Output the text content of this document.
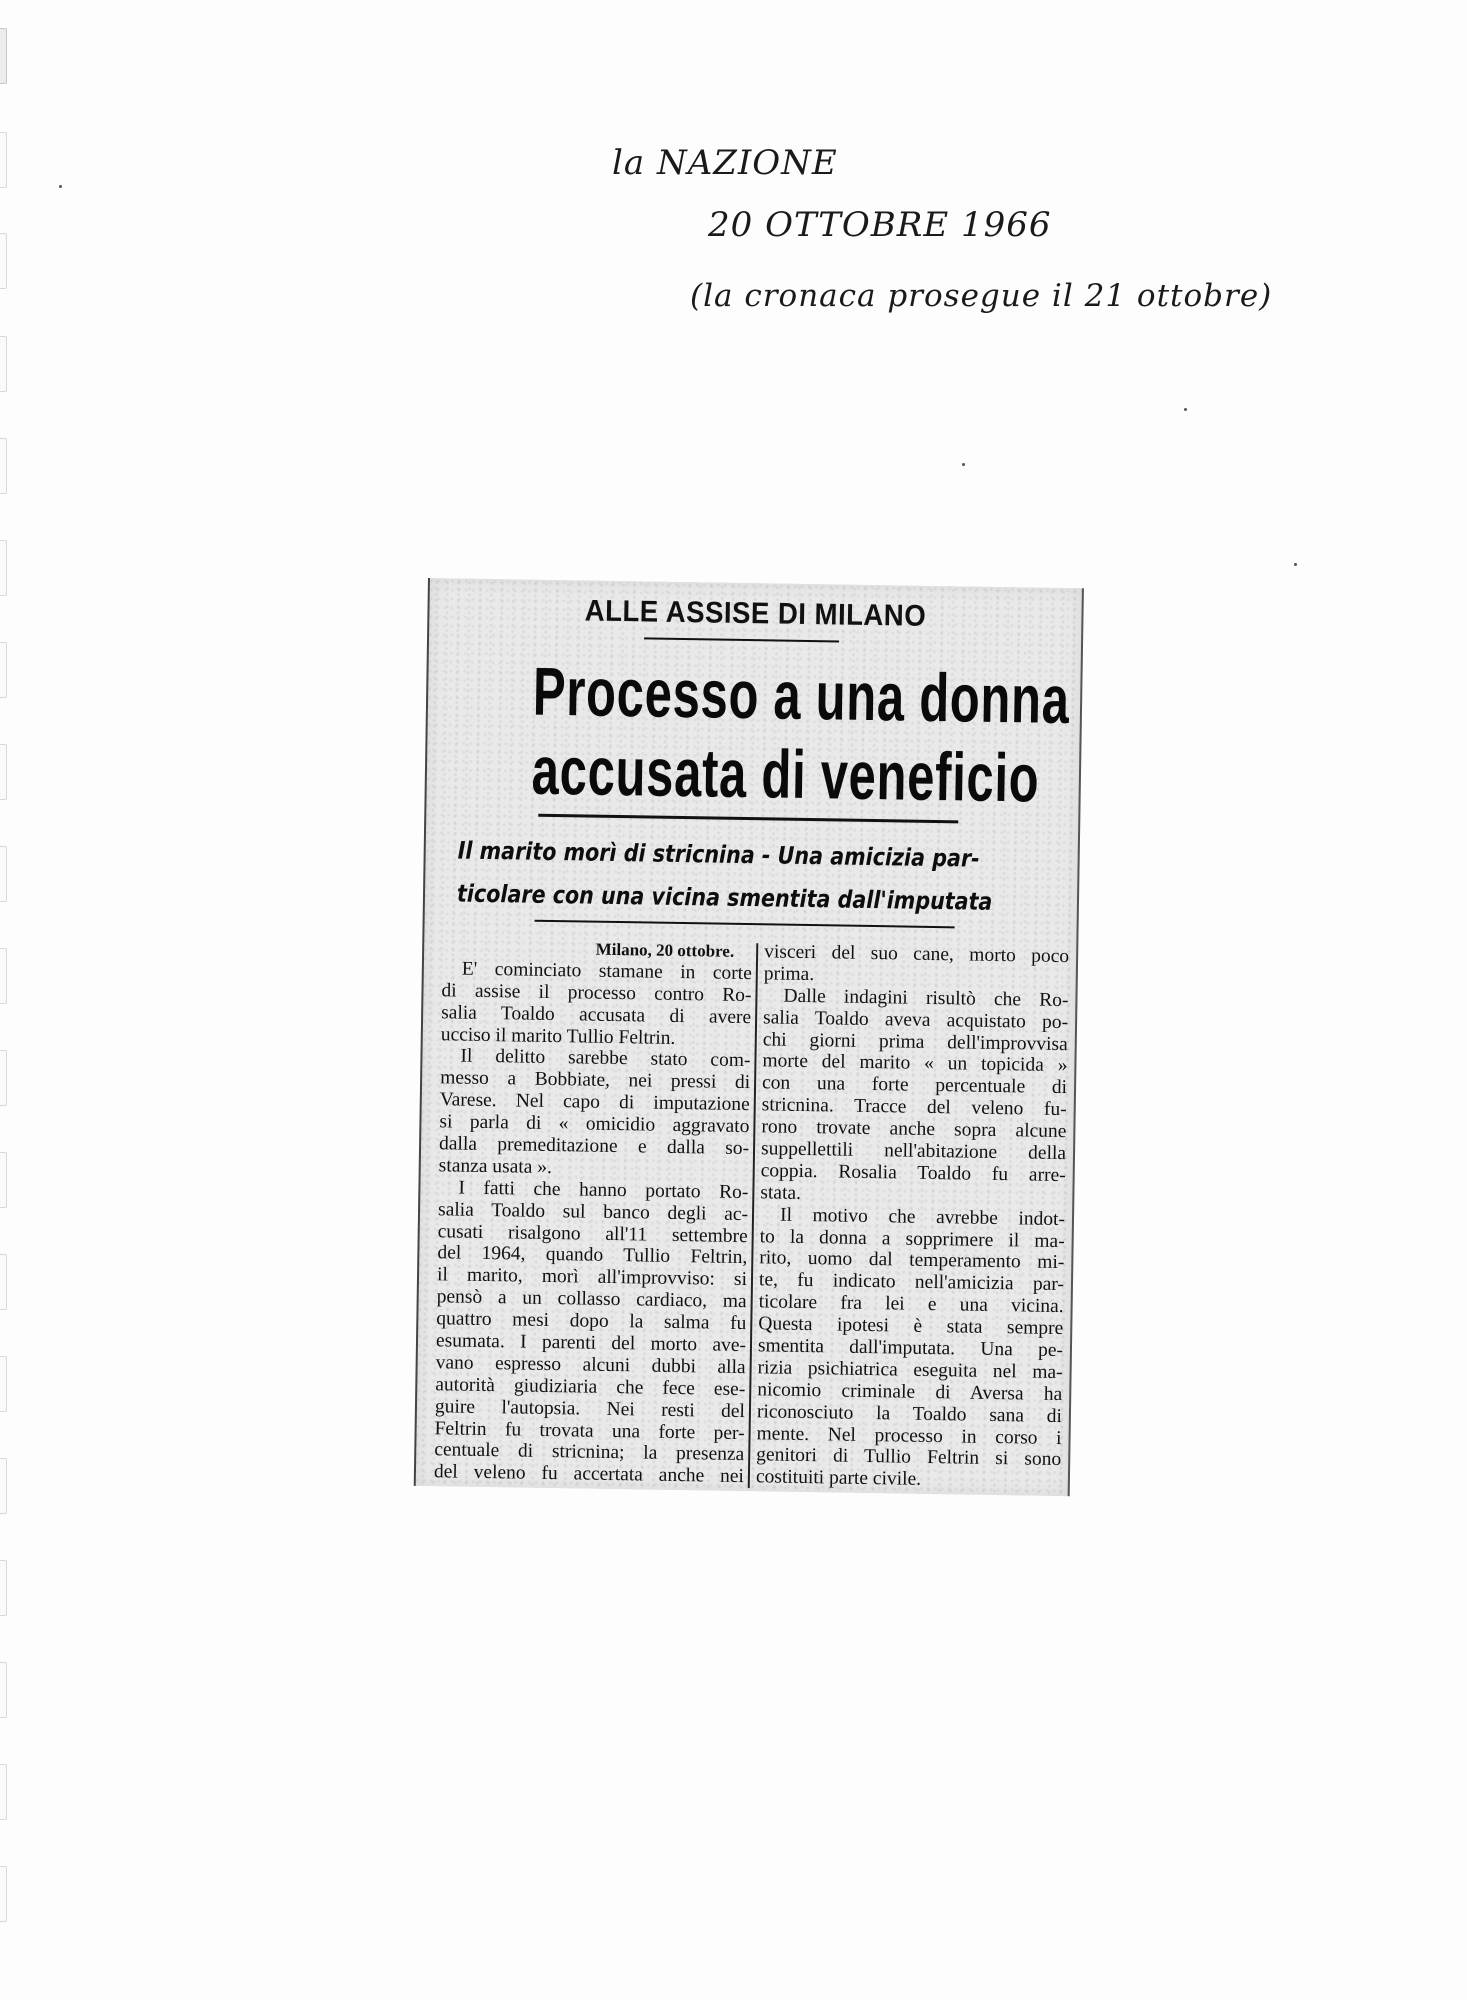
la NAZIONE
20 OTTOBRE 1966
(la cronaca prosegue il 21 ottobre)
ALLE ASSISE DI MILANO
Processo a una donna
accusata di veneficio
Il marito morì di stricnina - Una amicizia par-
ticolare con una vicina smentita dall'imputata
Milano, 20 ottobre.
E' cominciato stamane in corte
di assise il processo contro Ro-
salia Toaldo accusata di avere
ucciso il marito Tullio Feltrin.
Il delitto sarebbe stato com-
messo a Bobbiate, nei pressi di
Varese. Nel capo di imputazione
si parla di « omicidio aggravato
dalla premeditazione e dalla so-
stanza usata ».
I fatti che hanno portato Ro-
salia Toaldo sul banco degli ac-
cusati risalgono all'11 settembre
del 1964, quando Tullio Feltrin,
il marito, morì all'improvviso: si
pensò a un collasso cardiaco, ma
quattro mesi dopo la salma fu
esumata. I parenti del morto ave-
vano espresso alcuni dubbi alla
autorità giudiziaria che fece ese-
guire l'autopsia. Nei resti del
Feltrin fu trovata una forte per-
centuale di stricnina; la presenza
del veleno fu accertata anche nei
visceri del suo cane, morto poco
prima.
Dalle indagini risultò che Ro-
salia Toaldo aveva acquistato po-
chi giorni prima dell'improvvisa
morte del marito « un topicida »
con una forte percentuale di
stricnina. Tracce del veleno fu-
rono trovate anche sopra alcune
suppellettili nell'abitazione della
coppia. Rosalia Toaldo fu arre-
stata.
Il motivo che avrebbe indot-
to la donna a sopprimere il ma-
rito, uomo dal temperamento mi-
te, fu indicato nell'amicizia par-
ticolare fra lei e una vicina.
Questa ipotesi è stata sempre
smentita dall'imputata. Una pe-
rizia psichiatrica eseguita nel ma-
nicomio criminale di Aversa ha
riconosciuto la Toaldo sana di
mente. Nel processo in corso i
genitori di Tullio Feltrin si sono
costituiti parte civile.
